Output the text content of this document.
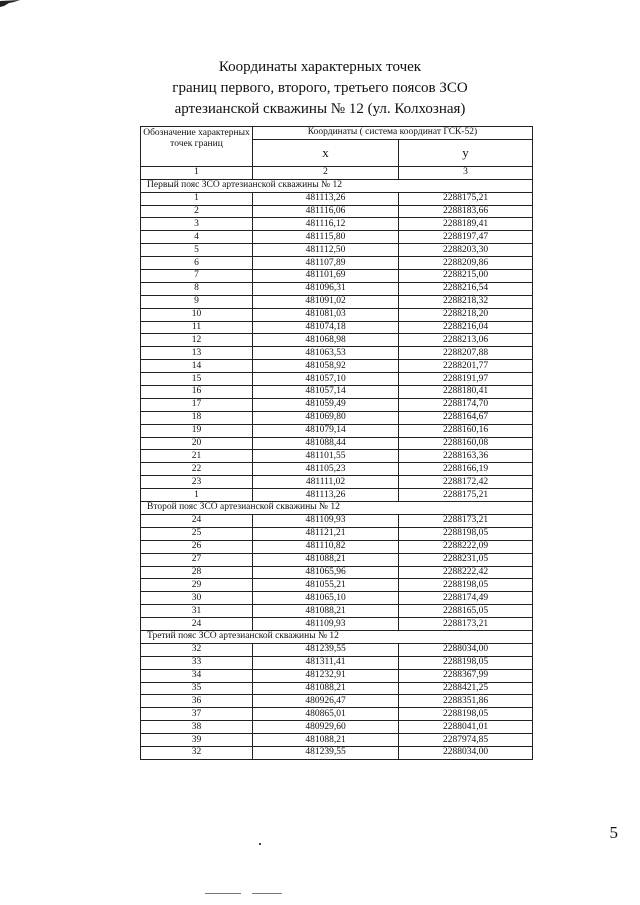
Координаты характерных точек
границ первого, второго, третьего поясов ЗСО
артезианской скважины № 12 (ул. Колхозная)
Обозначение характерных точек границ	Координаты ( система координат ГСК-52)	
	x	y
1	2	3
Первый пояс ЗСО артезианской скважины № 12		
1	481113,26	2288175,21
2	481116,06	2288183,66
3	481116,12	2288189,41
4	481115,80	2288197,47
5	481112,50	2288203,30
6	481107,89	2288209,86
7	481101,69	2288215,00
8	481096,31	2288216,54
9	481091,02	2288218,32
10	481081,03	2288218,20
11	481074,18	2288216,04
12	481068,98	2288213,06
13	481063,53	2288207,88
14	481058,92	2288201,77
15	481057,10	2288191,97
16	481057,14	2288180,41
17	481059,49	2288174,70
18	481069,80	2288164,67
19	481079,14	2288160,16
20	481088,44	2288160,08
21	481101,55	2288163,36
22	481105,23	2288166,19
23	481111,02	2288172,42
1	481113,26	2288175,21
Второй пояс ЗСО артезианской скважины № 12		
24	481109,93	2288173,21
25	481121,21	2288198,05
26	481110,82	2288222,09
27	481088,21	2288231,05
28	481065,96	2288222,42
29	481055,21	2288198,05
30	481065,10	2288174,49
31	481088,21	2288165,05
24	481109,93	2288173,21
Третий пояс ЗСО артезианской скважины № 12		
32	481239,55	2288034,00
33	481311,41	2288198,05
34	481232,91	2288367,99
35	481088,21	2288421,25
36	480926,47	2288351,86
37	480865,01	2288198,05
38	480929,60	2288041,01
39	481088,21	2287974,85
32	481239,55	2288034,00
5
